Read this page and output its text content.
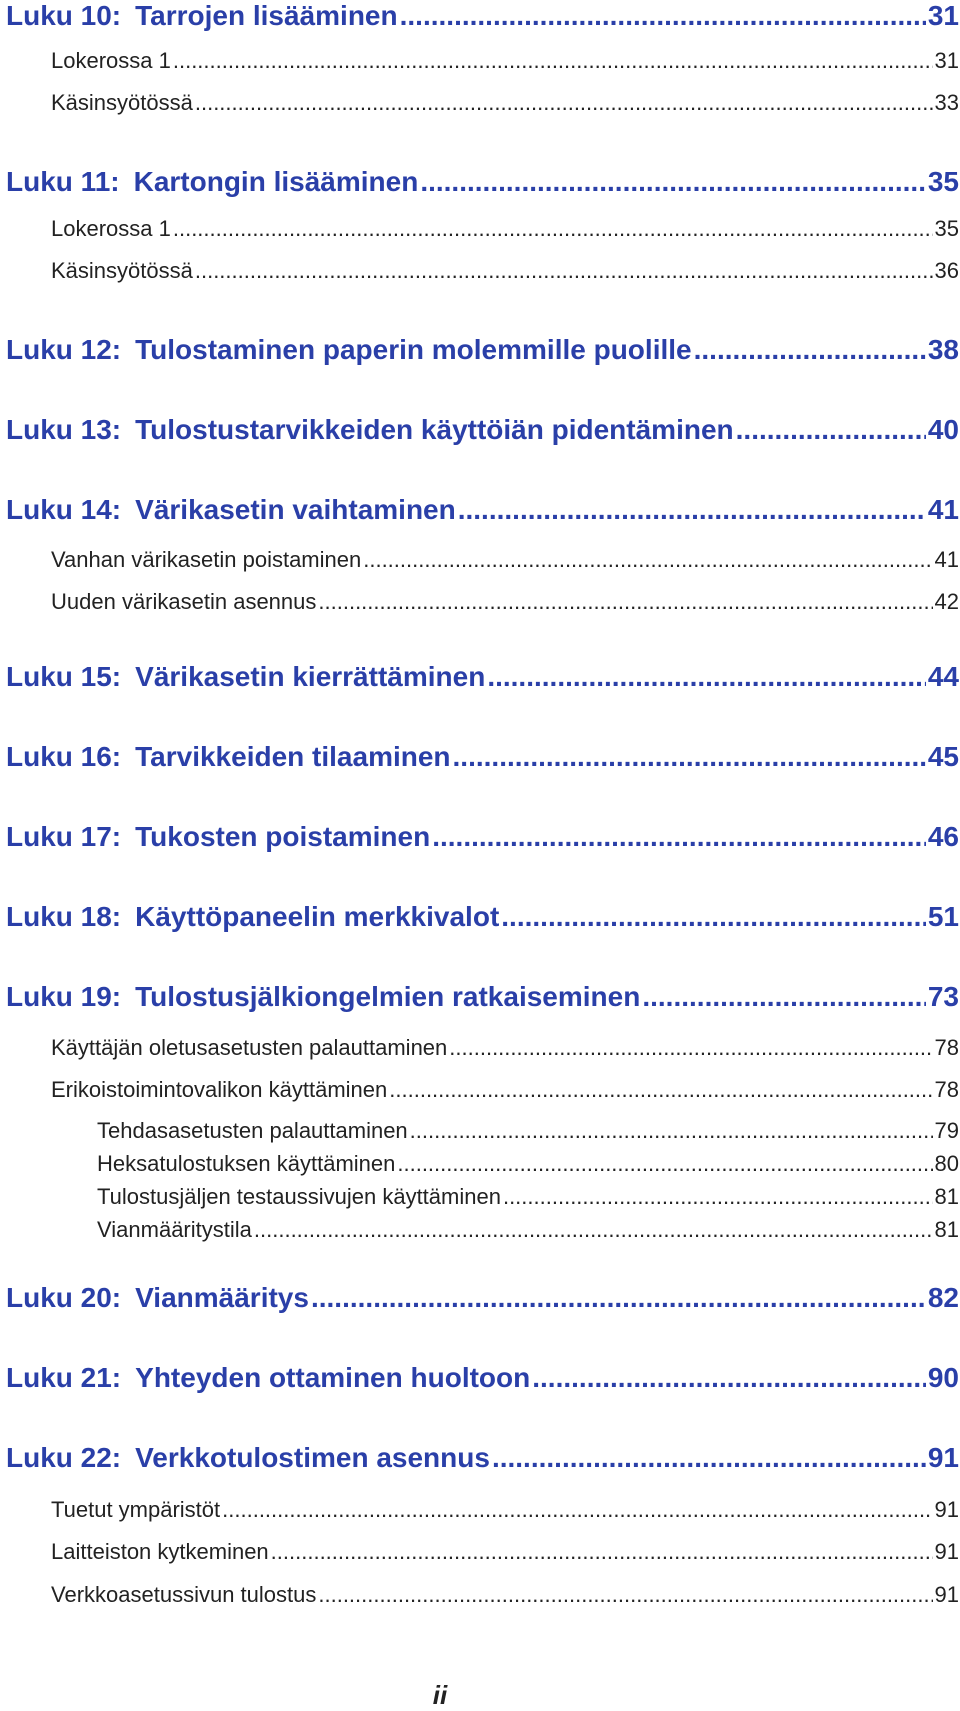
Luku 10: Tarrojen lisääminen .....	31
Lokerossa 1 .....	31
Käsinsyötössä .....	33
Luku 11: Kartongin lisääminen .....	35
Lokerossa 1 .....	35
Käsinsyötössä .....	36
Luku 12: Tulostaminen paperin molemmille puolille .....	38
Luku 13: Tulostustarvikkeiden käyttöiän pidentäminen .....	40
Luku 14: Värikasetin vaihtaminen .....	41
Vanhan värikasetin poistaminen .....	41
Uuden värikasetin asennus .....	42
Luku 15: Värikasetin kierrättäminen .....	44
Luku 16: Tarvikkeiden tilaaminen .....	45
Luku 17: Tukosten poistaminen .....	46
Luku 18: Käyttöpaneelin merkkivalot .....	51
Luku 19: Tulostusjälkiongelmien ratkaiseminen .....	73
Käyttäjän oletusasetusten palauttaminen .....	78
Erikoistoimintovalikon käyttäminen .....	78
Tehdasasetusten palauttaminen .....	79
Heksatulostuksen käyttäminen .....	80
Tulostusjäljen testaussivujen käyttäminen .....	81
Vianmääritystila .....	81
Luku 20: Vianmääritys .....	82
Luku 21: Yhteyden ottaminen huoltoon .....	90
Luku 22: Verkkotulostimen asennus .....	91
Tuetut ympäristöt .....	91
Laitteiston kytkeminen .....	91
Verkkoasetussivun tulostus .....	91
ii
